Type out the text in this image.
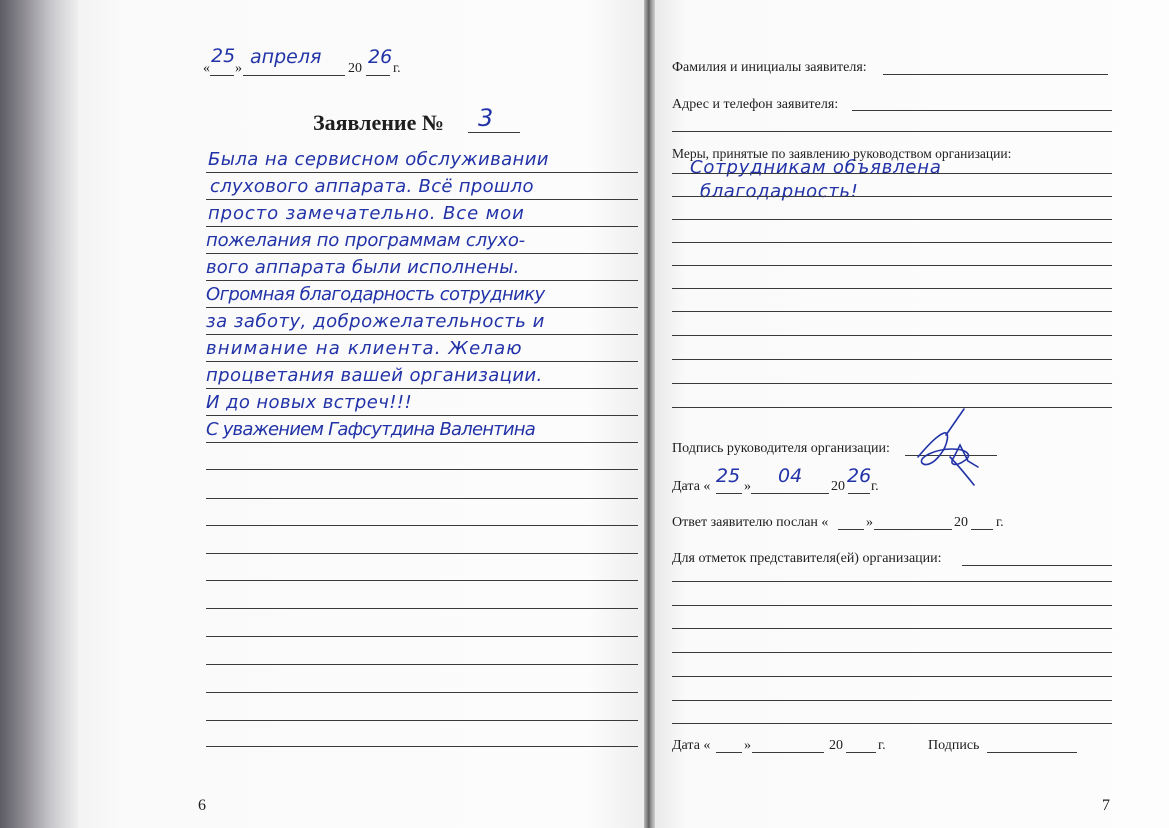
«
25
»
апреля
20
26
г.
Заявление № 3
Была на сервисном обслуживании
слухового аппарата. Всё прошло
просто замечательно. Все мои
пожелания по программам слухо-
вого аппарата были исполнены.
Огромная благодарность сотруднику
за заботу, доброжелательность и
внимание на клиента. Желаю
процветания вашей организации.
И до новых встреч!!!
С уважением Гафсутдина Валентина
6
Фамилия и инициалы заявителя:
Адрес и телефон заявителя:
Меры, принятые по заявлению руководством организации:
Сотрудникам объявлена
благодарность!
Подпись руководителя организации:
Дата « 25 » 04 20 26 г.
Ответ заявителю послан «	»	20 г.
Для отметок представителя(ей) организации:
Дата « »	20	г.	Подпись
7
